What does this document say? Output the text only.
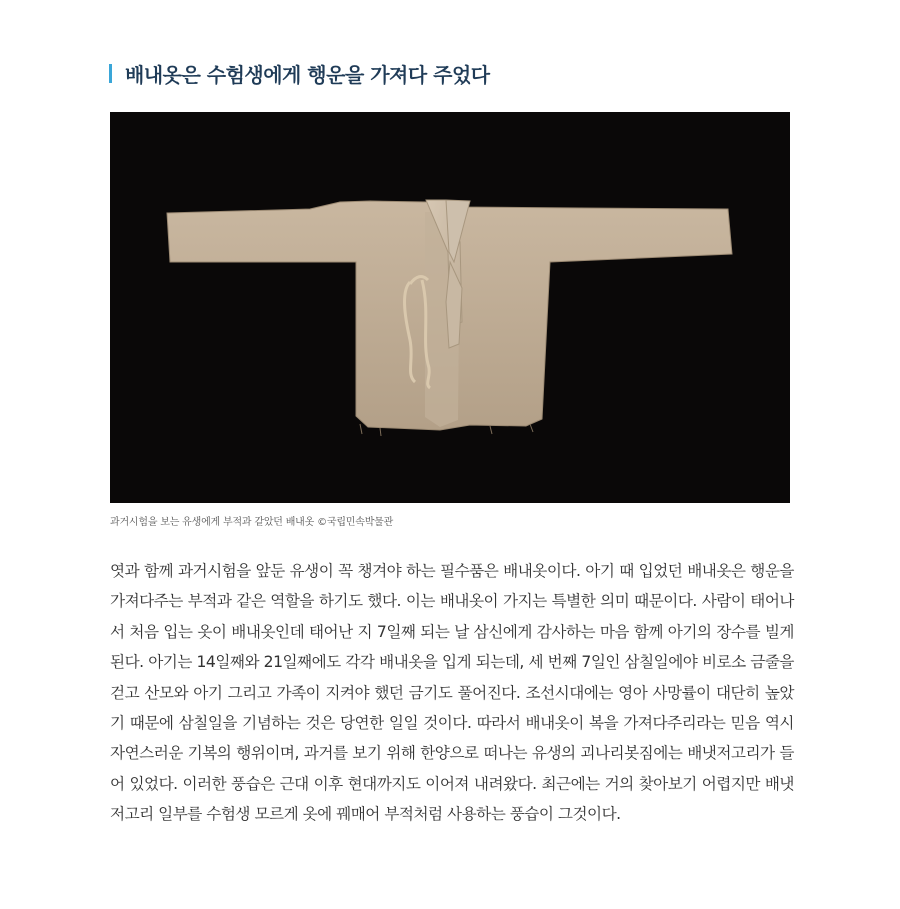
배내옷은 수험생에게 행운을 가져다 주었다
과거시험을 보는 유생에게 부적과 같았던 배내옷 ©국립민속박물관

엿과 함께 과거시험을 앞둔 유생이 꼭 챙겨야 하는 필수품은 배내옷이다. 아기 때 입었던 배내옷은 행운을 가져다주는 부적과 같은 역할을 하기도 했다. 이는 배내옷이 가지는 특별한 의미 때문이다. 사람이 태어나서 처음 입는 옷이 배내옷인데 태어난 지 7일째 되는 날 삼신에게 감사하는 마음 함께 아기의 장수를 빌게 된다. 아기는 14일째와 21일째에도 각각 배내옷을 입게 되는데, 세 번째 7일인 삼칠일에야 비로소 금줄을 걷고 산모와 아기 그리고 가족이 지켜야 했던 금기도 풀어진다. 조선시대에는 영아 사망률이 대단히 높았기 때문에 삼칠일을 기념하는 것은 당연한 일일 것이다. 따라서 배내옷이 복을 가져다주리라는 믿음 역시 자연스러운 기복의 행위이며, 과거를 보기 위해 한양으로 떠나는 유생의 괴나리봇짐에는 배냇저고리가 들어 있었다. 이러한 풍습은 근대 이후 현대까지도 이어져 내려왔다. 최근에는 거의 찾아보기 어렵지만 배냇저고리 일부를 수험생 모르게 옷에 꿰매어 부적처럼 사용하는 풍습이 그것이다.
